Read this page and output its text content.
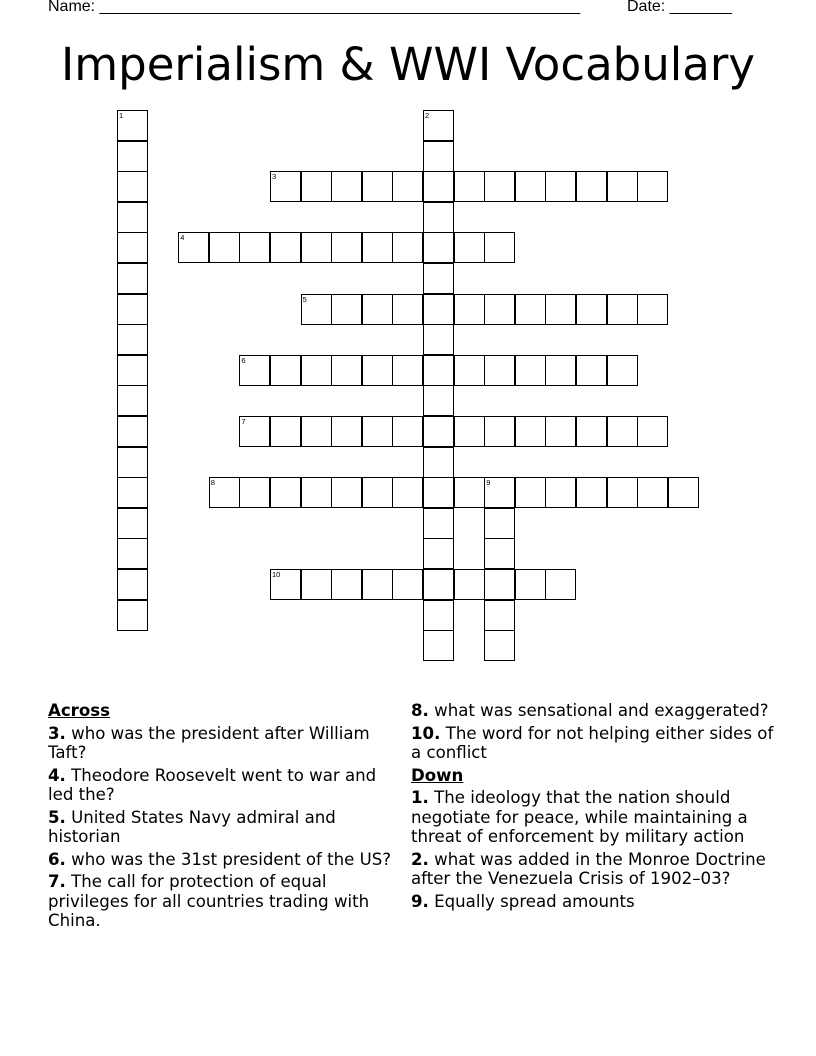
Name: ______________________________________________________	Date: _______
Imperialism & WWI Vocabulary
1	2
3
4
5
6
7
8	9
10
Across
3. who was the president after William Taft?
4. Theodore Roosevelt went to war and led the?
5. United States Navy admiral and historian
6. who was the 31st president of the US?
7. The call for protection of equal privileges for all countries trading with China.
8. what was sensational and exaggerated?
10. The word for not helping either sides of a conflict
Down
1. The ideology that the nation should negotiate for peace, while maintaining a threat of enforcement by military action
2. what was added in the Monroe Doctrine after the Venezuela Crisis of 1902–03?
9. Equally spread amounts
